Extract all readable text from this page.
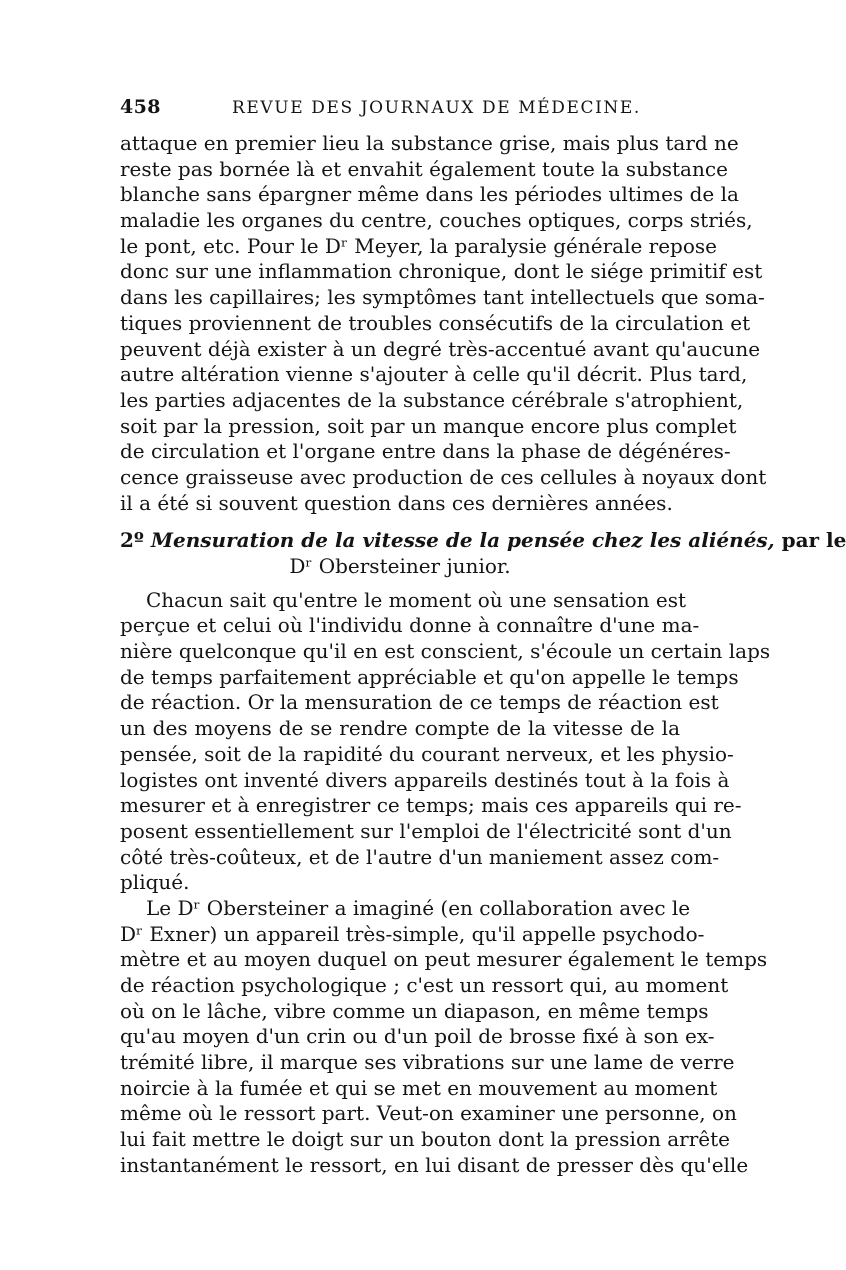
458	REVUE DES JOURNAUX DE MÉDECINE.
attaque en premier lieu la substance grise, mais plus tard ne
reste pas bornée là et envahit également toute la substance
blanche sans épargner même dans les périodes ultimes de la
maladie les organes du centre, couches optiques, corps striés,
le pont, etc. Pour le Dʳ Meyer, la paralysie générale repose
donc sur une inflammation chronique, dont le siége primitif est
dans les capillaires; les symptômes tant intellectuels que soma-
tiques proviennent de troubles consécutifs de la circulation et
peuvent déjà exister à un degré très-accentué avant qu'aucune
autre altération vienne s'ajouter à celle qu'il décrit. Plus tard,
les parties adjacentes de la substance cérébrale s'atrophient,
soit par la pression, soit par un manque encore plus complet
de circulation et l'organe entre dans la phase de dégénéres-
cence graisseuse avec production de ces cellules à noyaux dont
il a été si souvent question dans ces dernières années.
2º Mensuration de la vitesse de la pensée chez les aliénés, par le
Dʳ Obersteiner junior.
Chacun sait qu'entre le moment où une sensation est
perçue et celui où l'individu donne à connaître d'une ma-
nière quelconque qu'il en est conscient, s'écoule un certain laps
de temps parfaitement appréciable et qu'on appelle le temps
de réaction. Or la mensuration de ce temps de réaction est
un des moyens de se rendre compte de la vitesse de la
pensée, soit de la rapidité du courant nerveux, et les physio-
logistes ont inventé divers appareils destinés tout à la fois à
mesurer et à enregistrer ce temps; mais ces appareils qui re-
posent essentiellement sur l'emploi de l'électricité sont d'un
côté très-coûteux, et de l'autre d'un maniement assez com-
pliqué.
Le Dʳ Obersteiner a imaginé (en collaboration avec le
Dʳ Exner) un appareil très-simple, qu'il appelle psychodo-
mètre et au moyen duquel on peut mesurer également le temps
de réaction psychologique ; c'est un ressort qui, au moment
où on le lâche, vibre comme un diapason, en même temps
qu'au moyen d'un crin ou d'un poil de brosse fixé à son ex-
trémité libre, il marque ses vibrations sur une lame de verre
noircie à la fumée et qui se met en mouvement au moment
même où le ressort part. Veut-on examiner une personne, on
lui fait mettre le doigt sur un bouton dont la pression arrête
instantanément le ressort, en lui disant de presser dès qu'elle
